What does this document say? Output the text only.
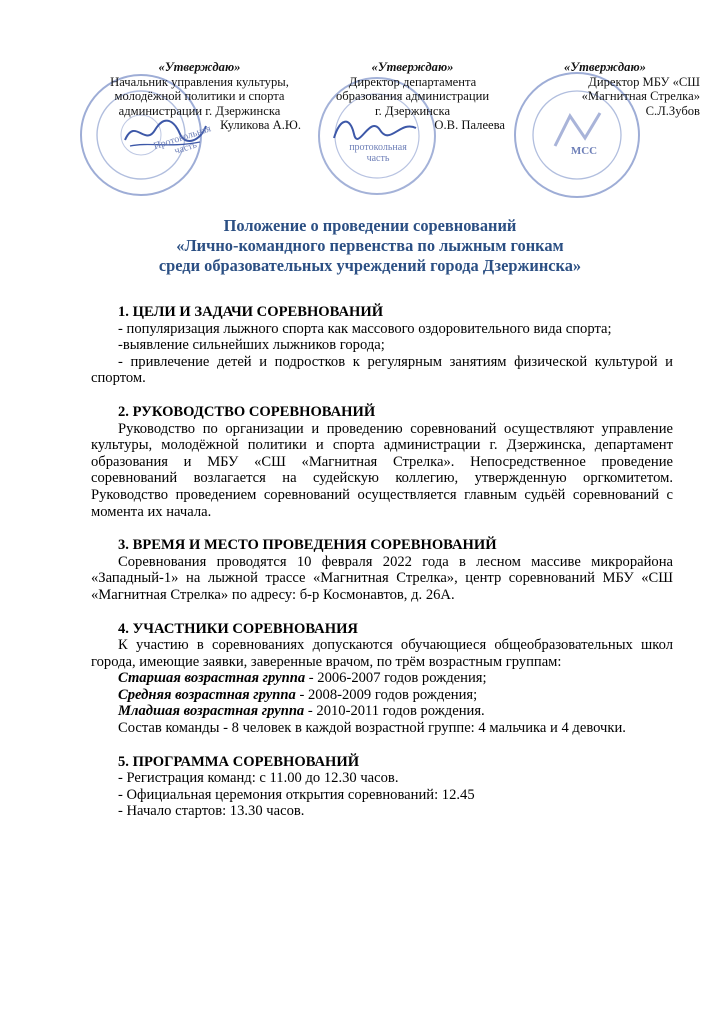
протокольная часть
МСС
«Утверждаю»
Начальник управления культуры,
молодёжной политики и спорта
администрации г. Дзержинска
Куликова А.Ю.
«Утверждаю»
Директор департамента
образования администрации
г. Дзержинска
О.В. Палеева
«Утверждаю»
Директор МБУ «СШ
«Магнитная Стрелка»
С.Л.Зубов
Протокольная часть
Положение о проведении соревнований
«Лично-командного первенства по лыжным гонкам
среди образовательных учреждений города Дзержинска»

1. ЦЕЛИ И ЗАДАЧИ СОРЕВНОВАНИЙ

- популяризация лыжного спорта как массового оздоровительного вида спорта;

-выявление сильнейших лыжников города;

- привлечение детей и подростков к регулярным занятиям физической культурой и спортом.

2. РУКОВОДСТВО СОРЕВНОВАНИЙ

Руководство по организации и проведению соревнований осуществляют управление культуры, молодёжной политики и спорта администрации г. Дзержинска, департамент образования и МБУ «СШ «Магнитная Стрелка». Непосредственное проведение соревнований возлагается на судейскую коллегию, утвержденную оргкомитетом. Руководство проведением соревнований осуществляется главным судьёй соревнований с момента их начала.

3. ВРЕМЯ И МЕСТО ПРОВЕДЕНИЯ СОРЕВНОВАНИЙ

Соревнования проводятся 10 февраля 2022 года в лесном массиве микрорайона «Западный-1» на лыжной трассе «Магнитная Стрелка», центр соревнований МБУ «СШ «Магнитная Стрелка» по адресу: б-р Космонавтов, д. 26А.

4. УЧАСТНИКИ СОРЕВНОВАНИЯ

К участию в соревнованиях допускаются обучающиеся общеобразовательных школ города, имеющие заявки, заверенные врачом, по трём возрастным группам:

Старшая возрастная группа - 2006-2007 годов рождения;

Средняя возрастная группа - 2008-2009 годов рождения;

Младшая возрастная группа - 2010-2011 годов рождения.

Состав команды - 8 человек в каждой возрастной группе: 4 мальчика и 4 девочки.

5. ПРОГРАММА СОРЕВНОВАНИЙ

- Регистрация команд: с 11.00 до 12.30 часов.

- Официальная церемония открытия соревнований: 12.45

- Начало стартов: 13.30 часов.
